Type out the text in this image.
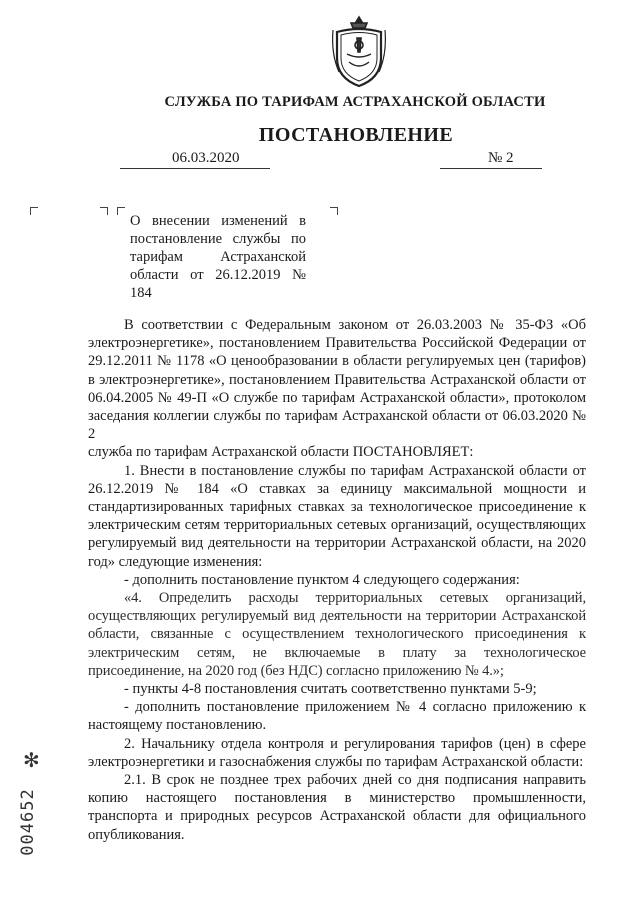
СЛУЖБА ПО ТАРИФАМ АСТРАХАНСКОЙ ОБЛАСТИ
ПОСТАНОВЛЕНИЕ
06.03.2020	№ 2
О внесении изменений в постановление службы по тарифам Астраханской области от 26.12.2019 № 184

В соответствии с Федеральным законом от 26.03.2003 № 35-ФЗ «Об электроэнергетике», постановлением Правительства Российской Федерации от 29.12.2011 № 1178 «О ценообразовании в области регулируемых цен (тарифов) в электроэнергетике», постановлением Правительства Астраханской области от 06.04.2005 № 49-П «О службе по тарифам Астраханской области», протоколом заседания коллегии службы по тарифам Астраханской области от 06.03.2020 № 2

служба по тарифам Астраханской области ПОСТАНОВЛЯЕТ:

1. Внести в постановление службы по тарифам Астраханской области от 26.12.2019 № 184 «О ставках за единицу максимальной мощности и стандартизированных тарифных ставках за технологическое присоединение к электрическим сетям территориальных сетевых организаций, осуществляющих регулируемый вид деятельности на территории Астраханской области, на 2020 год» следующие изменения:

- дополнить постановление пунктом 4 следующего содержания:

«4. Определить расходы территориальных сетевых организаций, осуществляющих регулируемый вид деятельности на территории Астраханской области, связанные с осуществлением технологического присоединения к электрическим сетям, не включаемые в плату за технологическое присоединение, на 2020 год (без НДС) согласно приложению № 4.»;

- пункты 4-8 постановления считать соответственно пунктами 5-9;

- дополнить постановление приложением № 4 согласно приложению к настоящему постановлению.

2. Начальнику отдела контроля и регулирования тарифов (цен) в сфере электроэнергетики и газоснабжения службы по тарифам Астраханской области:

2.1. В срок не позднее трех рабочих дней со дня подписания направить копию настоящего постановления в министерство промышленности, транспорта и природных ресурсов Астраханской области для официального опубликования.

✻
004652
